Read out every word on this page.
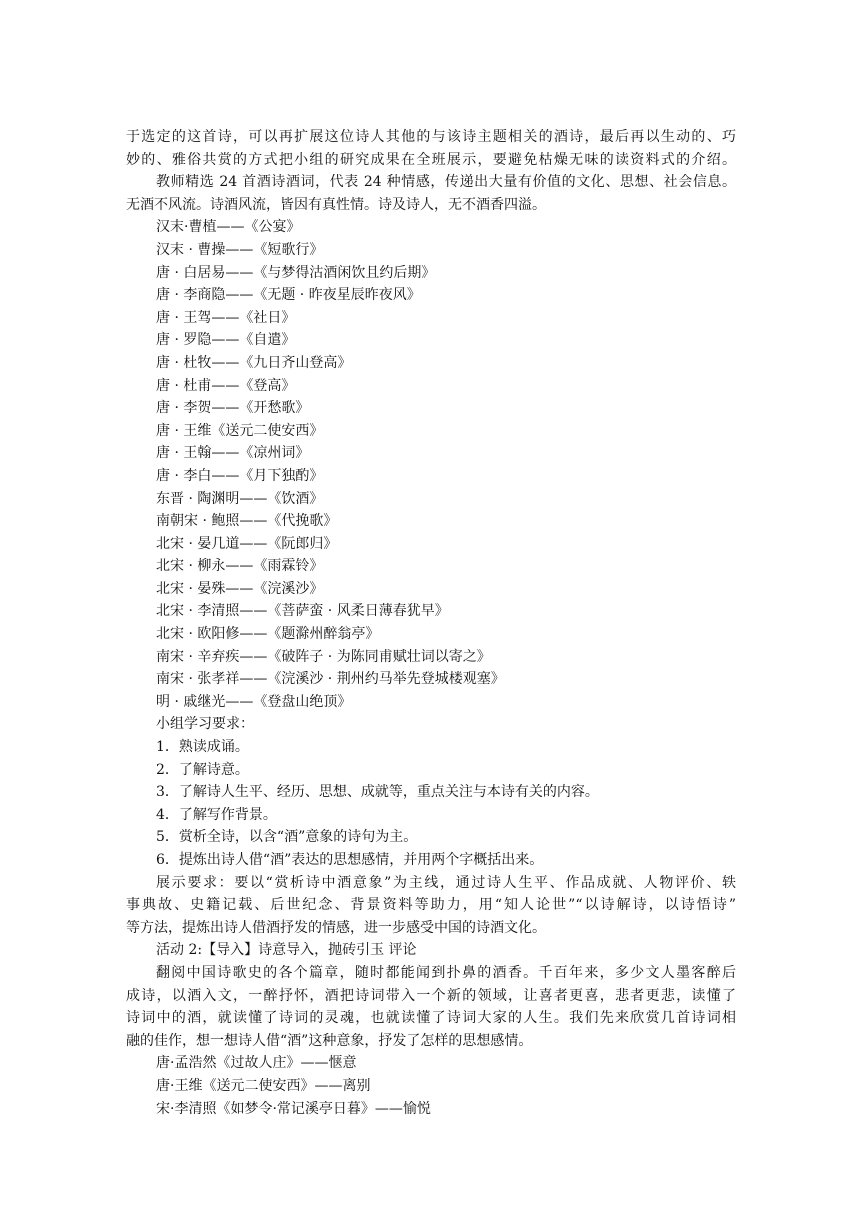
于选定的这首诗，可以再扩展这位诗人其他的与该诗主题相关的酒诗，最后再以生动的、巧
妙的、雅俗共赏的方式把小组的研究成果在全班展示，要避免枯燥无味的读资料式的介绍。
教师精选 24 首酒诗酒词，代表 24 种情感，传递出大量有价值的文化、思想、社会信息。
无酒不风流。诗酒风流，皆因有真性情。诗及诗人，无不酒香四溢。
汉末·曹植——《公宴》
汉末 · 曹操——《短歌行》
唐 · 白居易——《与梦得沽酒闲饮且约后期》
唐 · 李商隐——《无题 · 昨夜星辰昨夜风》
唐 · 王驾——《社日》
唐 · 罗隐——《自遣》
唐 · 杜牧——《九日齐山登高》
唐 · 杜甫——《登高》
唐 · 李贺——《开愁歌》
唐 · 王维《送元二使安西》
唐 · 王翰——《凉州词》
唐 · 李白——《月下独酌》
东晋 · 陶渊明——《饮酒》
南朝宋 · 鲍照——《代挽歌》
北宋 · 晏几道——《阮郎归》
北宋 · 柳永——《雨霖铃》
北宋 · 晏殊——《浣溪沙》
北宋 · 李清照——《菩萨蛮 · 风柔日薄春犹早》
北宋 · 欧阳修——《题滁州醉翁亭》
南宋 · 辛弃疾——《破阵子 · 为陈同甫赋壮词以寄之》
南宋 · 张孝祥——《浣溪沙 · 荆州约马举先登城楼观塞》
明 · 戚继光——《登盘山绝顶》
小组学习要求：
1．熟读成诵。
2．了解诗意。
3．了解诗人生平、经历、思想、成就等，重点关注与本诗有关的内容。
4．了解写作背景。
5．赏析全诗，以含“酒”意象的诗句为主。
6．提炼出诗人借“酒”表达的思想感情，并用两个字概括出来。
展示要求：要以“赏析诗中酒意象”为主线，通过诗人生平、作品成就、人物评价、轶
事典故、史籍记载、后世纪念、背景资料等助力，用“知人论世”“以诗解诗，以诗悟诗”
等方法，提炼出诗人借酒抒发的情感，进一步感受中国的诗酒文化。
活动 2:【导入】诗意导入，抛砖引玉 评论
翻阅中国诗歌史的各个篇章，随时都能闻到扑鼻的酒香。千百年来，多少文人墨客醉后
成诗，以酒入文，一醉抒怀，酒把诗词带入一个新的领域，让喜者更喜，悲者更悲，读懂了
诗词中的酒，就读懂了诗词的灵魂，也就读懂了诗词大家的人生。我们先来欣赏几首诗词相
融的佳作，想一想诗人借“酒”这种意象，抒发了怎样的思想感情。
唐·孟浩然《过故人庄》——惬意
唐·王维《送元二使安西》——离别
宋·李清照《如梦令·常记溪亭日暮》——愉悦
